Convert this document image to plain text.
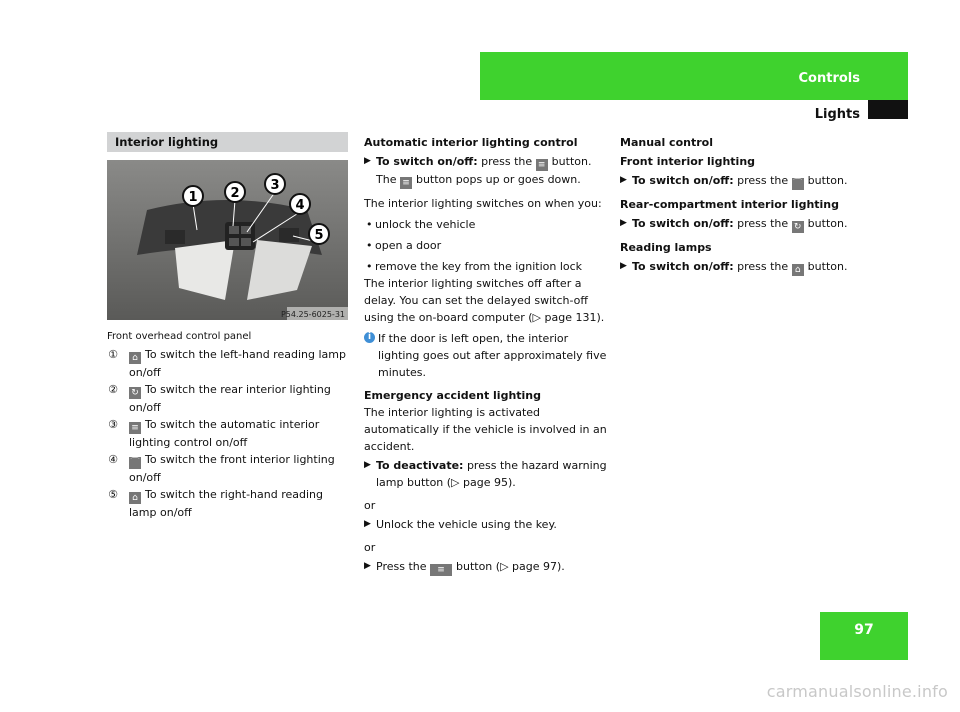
Controls
Lights
Interior lighting
1	2
3
4
5
P54.25-6025-31
Front overhead control panel
① ⌂ To switch the left-hand reading lamp on/off
② ↻ To switch the rear interior lighting on/off
③ ≡ To switch the automatic interior lighting control on/off
④ ⌒ To switch the front interior lighting on/off
⑤ ⌂ To switch the right-hand reading lamp on/off

Automatic interior lighting control

▶ To switch on/off: press the ≡ button.
The ≡ button pops up or goes down.

The interior lighting switches on when you:

• unlock the vehicle
• open a door
• remove the key from the ignition lock

The interior lighting switches off after a delay. You can set the delayed switch-off using the on-board computer (▷ page 131).

i If the door is left open, the interior lighting goes out after approximately five minutes.

Emergency accident lighting

The interior lighting is activated automatically if the vehicle is involved in an accident.

▶ To deactivate: press the hazard warning lamp button (▷ page 95).

or

▶ Unlock the vehicle using the key.

or

▶ Press the ≡ button (▷ page 97).

Manual control

Front interior lighting

▶ To switch on/off: press the ⌒ button.

Rear-compartment interior lighting

▶ To switch on/off: press the ↻ button.

Reading lamps

▶ To switch on/off: press the ⌂ button.
97
carmanualsonline.info
